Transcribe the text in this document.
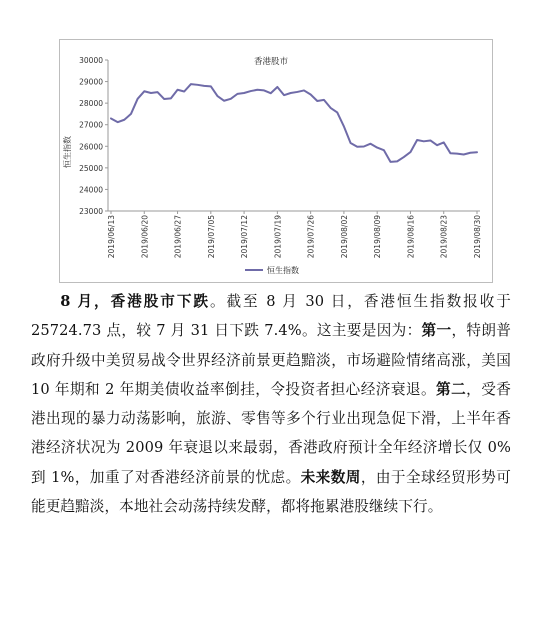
香港股市
恒生指数
23000
24000
25000
26000
27000
28000
29000
30000
2019/06/13	2019/06/20	2019/06/27	2019/07/05	2019/07/12	2019/07/19	2019/07/26	2019/08/02	2019/08/09	2019/08/16	2019/08/23	2019/08/30
恒生指数

8 月，香港股市下跌。截至 8 月 30 日，香港恒生指数报收于 25724.73 点，较 7 月 31 日下跌 7.4%。这主要是因为：第一，特朗普政府升级中美贸易战令世界经济前景更趋黯淡，市场避险情绪高涨，美国 10 年期和 2 年期美债收益率倒挂，令投资者担心经济衰退。第二，受香港出现的暴力动荡影响，旅游、零售等多个行业出现急促下滑，上半年香港经济状况为 2009 年衰退以来最弱，香港政府预计全年经济增长仅 0%到 1%，加重了对香港经济前景的忧虑。未来数周，由于全球经贸形势可能更趋黯淡，本地社会动荡持续发酵，都将拖累港股继续下行。
